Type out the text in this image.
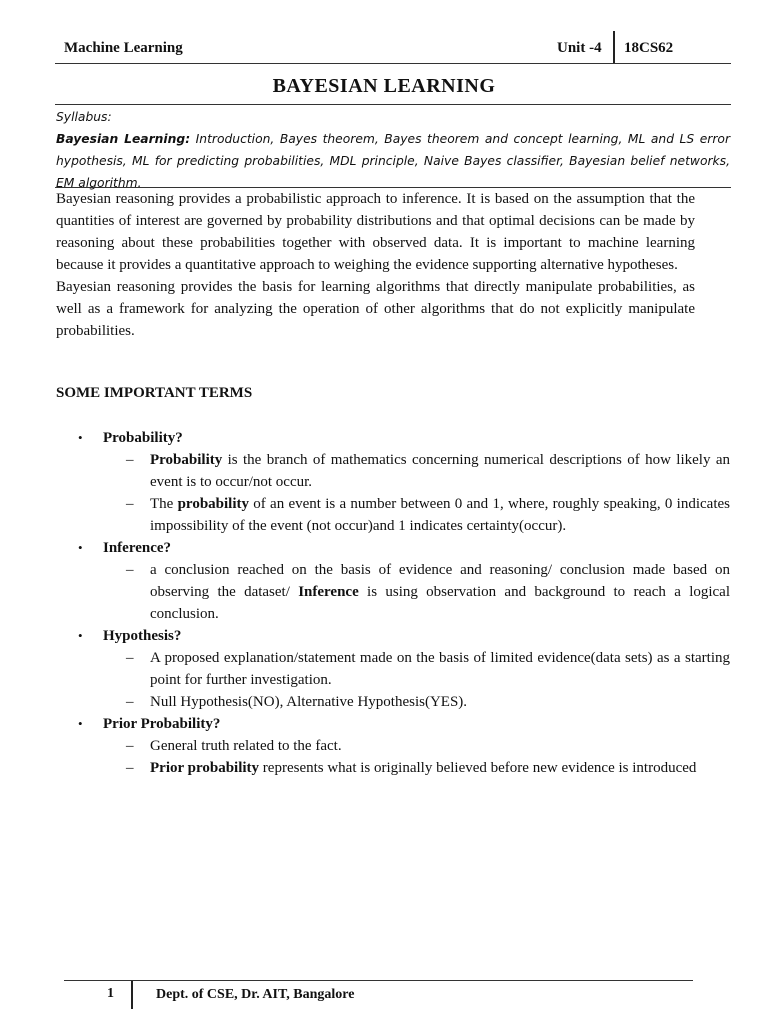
Machine Learning	Unit -4 18CS62
BAYESIAN LEARNING
Syllabus:
Bayesian Learning: Introduction, Bayes theorem, Bayes theorem and concept learning, ML and LS error hypothesis, ML for predicting probabilities, MDL principle, Naive Bayes classifier, Bayesian belief networks, EM algorithm.

Bayesian reasoning provides a probabilistic approach to inference. It is based on the assumption that the quantities of interest are governed by probability distributions and that optimal decisions can be made by reasoning about these probabilities together with observed data. It is important to machine learning because it provides a quantitative approach to weighing the evidence supporting alternative hypotheses.

Bayesian reasoning provides the basis for learning algorithms that directly manipulate probabilities, as well as a framework for analyzing the operation of other algorithms that do not explicitly manipulate probabilities.

SOME IMPORTANT TERMS
• Probability?
– Probability is the branch of mathematics concerning numerical descriptions of how likely an event is to occur/not occur.
– The probability of an event is a number between 0 and 1, where, roughly speaking, 0 indicates impossibility of the event (not occur)and 1 indicates certainty(occur).
• Inference?
– a conclusion reached on the basis of evidence and reasoning/ conclusion made based on observing the dataset/ Inference is using observation and background to reach a logical conclusion.
• Hypothesis?
– A proposed explanation/statement made on the basis of limited evidence(data sets) as a starting point for further investigation.
– Null Hypothesis(NO), Alternative Hypothesis(YES).
• Prior Probability?
– General truth related to the fact.
– Prior probability represents what is originally believed before new evidence is introduced
1	Dept. of CSE, Dr. AIT, Bangalore
